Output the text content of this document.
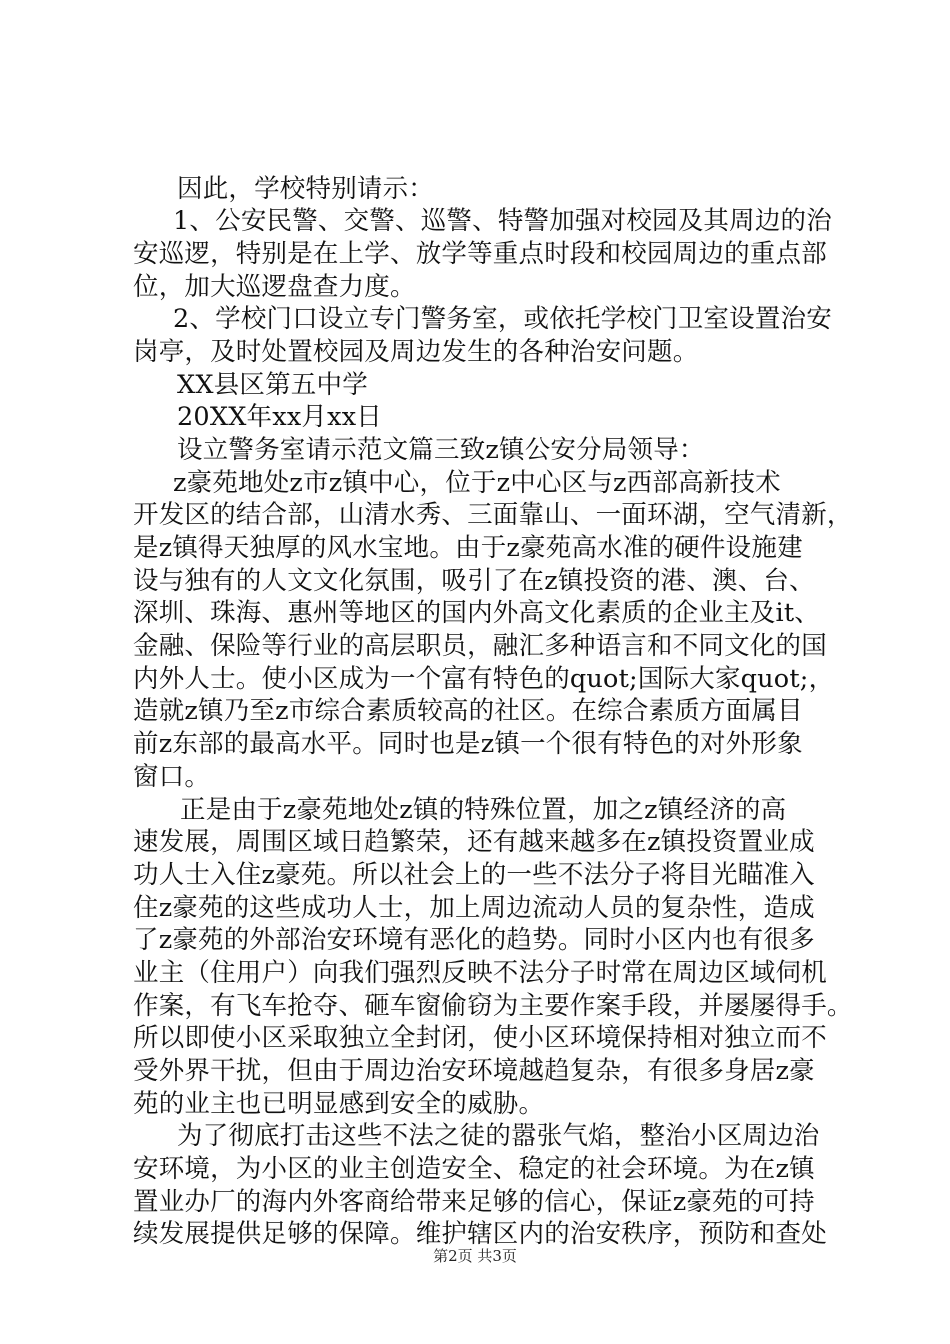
因此，学校特别请示：
1、公安民警、交警、巡警、特警加强对校园及其周边的治
安巡逻，特别是在上学、放学等重点时段和校园周边的重点部
位，加大巡逻盘查力度。
2、学校门口设立专门警务室，或依托学校门卫室设置治安
岗亭，及时处置校园及周边发生的各种治安问题。
XX县区第五中学
20XX年xx月xx日
设立警务室请示范文篇三致z镇公安分局领导：
z豪苑地处z市z镇中心，位于z中心区与z西部高新技术
开发区的结合部，山清水秀、三面靠山、一面环湖，空气清新，
是z镇得天独厚的风水宝地。由于z豪苑高水准的硬件设施建
设与独有的人文文化氛围，吸引了在z镇投资的港、澳、台、
深圳、珠海、惠州等地区的国内外高文化素质的企业主及it、
金融、保险等行业的高层职员，融汇多种语言和不同文化的国
内外人士。使小区成为一个富有特色的quot;国际大家quot;，
造就z镇乃至z市综合素质较高的社区。在综合素质方面属目
前z东部的最高水平。同时也是z镇一个很有特色的对外形象
窗口。
正是由于z豪苑地处z镇的特殊位置，加之z镇经济的高
速发展，周围区域日趋繁荣，还有越来越多在z镇投资置业成
功人士入住z豪苑。所以社会上的一些不法分子将目光瞄准入
住z豪苑的这些成功人士，加上周边流动人员的复杂性，造成
了z豪苑的外部治安环境有恶化的趋势。同时小区内也有很多
业主（住用户）向我们强烈反映不法分子时常在周边区域伺机
作案，有飞车抢夺、砸车窗偷窃为主要作案手段，并屡屡得手。
所以即使小区采取独立全封闭，使小区环境保持相对独立而不
受外界干扰，但由于周边治安环境越趋复杂，有很多身居z豪
苑的业主也已明显感到安全的威胁。
为了彻底打击这些不法之徒的嚣张气焰，整治小区周边治
安环境，为小区的业主创造安全、稳定的社会环境。为在z镇
置业办厂的海内外客商给带来足够的信心，保证z豪苑的可持
续发展提供足够的保障。维护辖区内的治安秩序，预防和查处
第2页 共3页
